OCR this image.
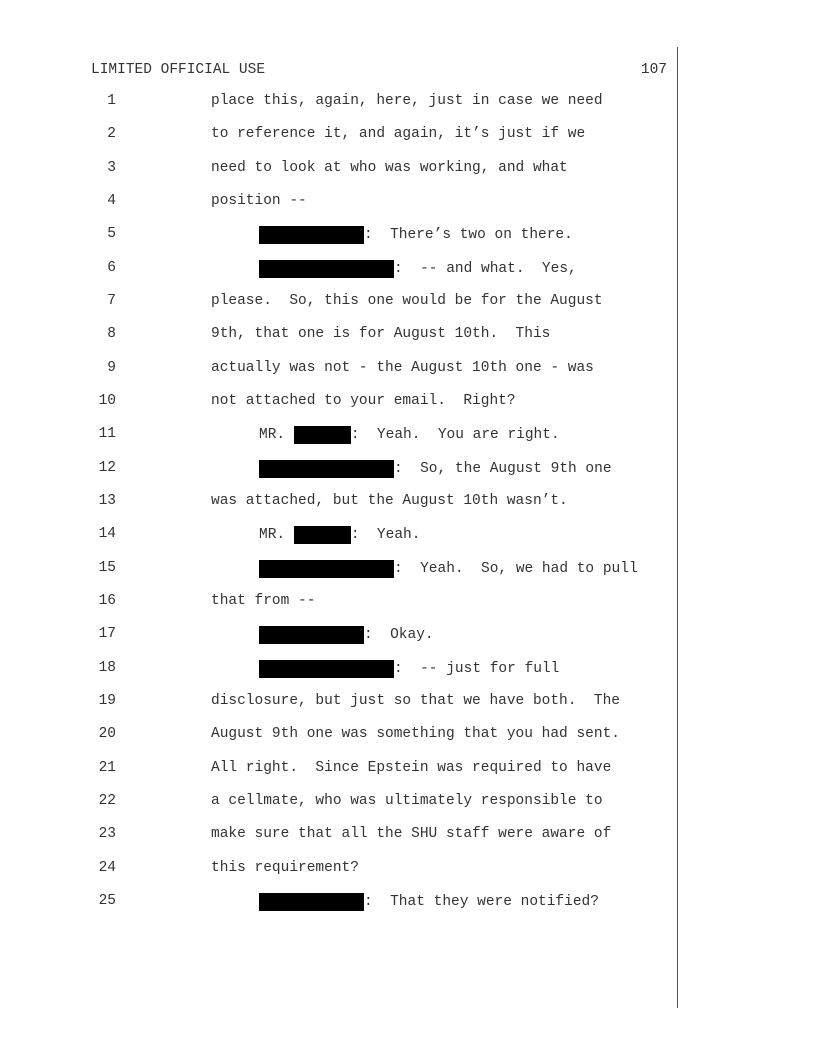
LIMITED OFFICIAL USE	107
1	place this, again, here, just in case we need
2	to reference it, and again, it’s just if we
3	need to look at who was working, and what
4	position --
5	:  There’s two on there.
6	:  -- and what.  Yes,
7	please.  So, this one would be for the August
8	9th, that one is for August 10th.  This
9	actually was not - the August 10th one - was
10	not attached to your email.  Right?
11	MR.	:  Yeah.  You are right.
12	:  So, the August 9th one
13	was attached, but the August 10th wasn’t.
14	MR.	:  Yeah.
15	:  Yeah.  So, we had to pull
16	that from --
17	:  Okay.
18	:  -- just for full
19	disclosure, but just so that we have both.  The
20	August 9th one was something that you had sent.
21	All right.  Since Epstein was required to have
22	a cellmate, who was ultimately responsible to
23	make sure that all the SHU staff were aware of
24	this requirement?
25	:  That they were notified?
